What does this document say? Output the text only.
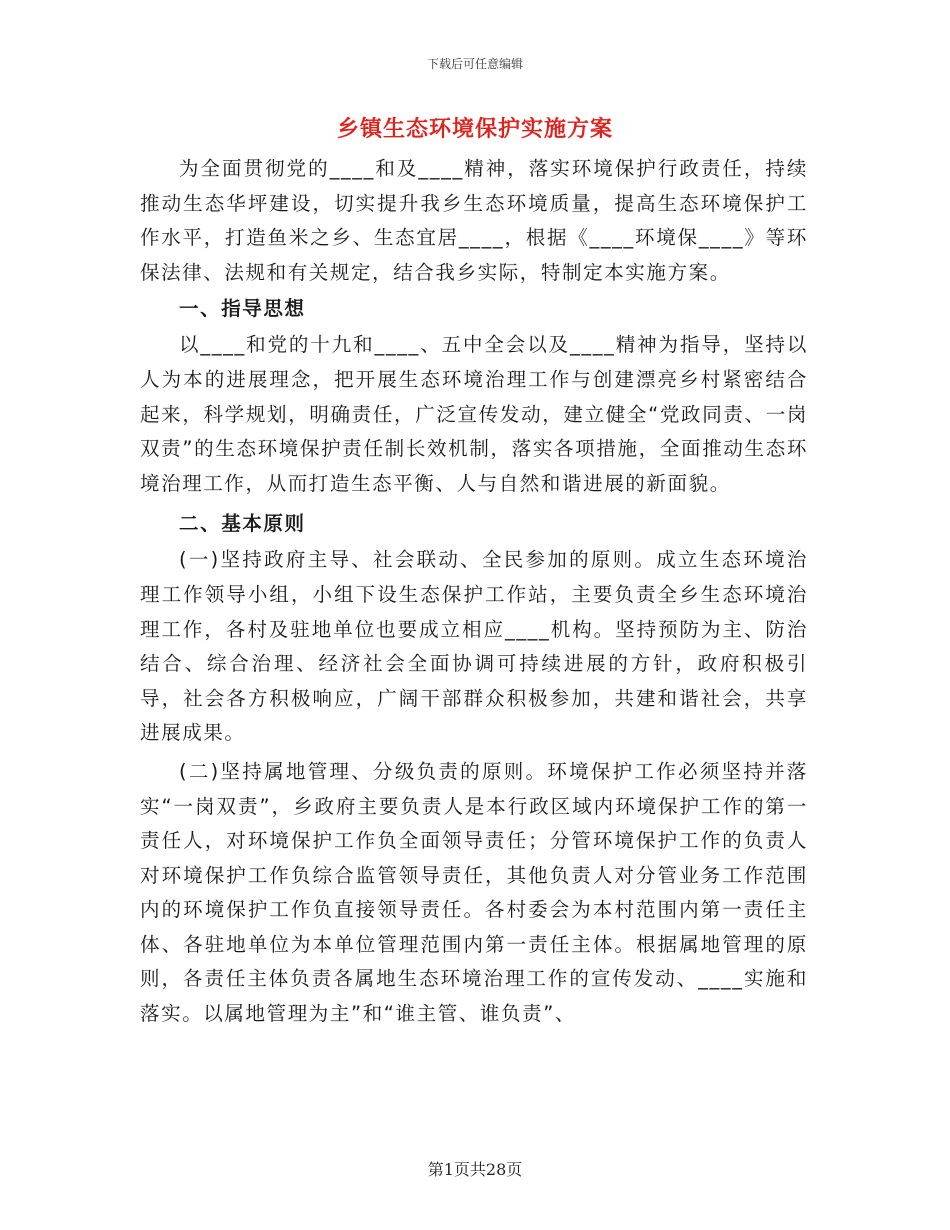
下载后可任意编辑
乡镇生态环境保护实施方案

为全面贯彻党的____和及____精神，落实环境保护行政责任，持续推动生态华坪建设，切实提升我乡生态环境质量，提高生态环境保护工作水平，打造鱼米之乡、生态宜居____，根据《____环境保____》等环保法律、法规和有关规定，结合我乡实际，特制定本实施方案。

一、指导思想

以____和党的十九和____、五中全会以及____精神为指导，坚持以人为本的进展理念，把开展生态环境治理工作与创建漂亮乡村紧密结合起来，科学规划，明确责任，广泛宣传发动，建立健全“党政同责、一岗双责”的生态环境保护责任制长效机制，落实各项措施，全面推动生态环境治理工作，从而打造生态平衡、人与自然和谐进展的新面貌。

二、基本原则

(一)坚持政府主导、社会联动、全民参加的原则。成立生态环境治理工作领导小组，小组下设生态保护工作站，主要负责全乡生态环境治理工作，各村及驻地单位也要成立相应____机构。坚持预防为主、防治结合、综合治理、经济社会全面协调可持续进展的方针，政府积极引导，社会各方积极响应，广阔干部群众积极参加，共建和谐社会，共享进展成果。

(二)坚持属地管理、分级负责的原则。环境保护工作必须坚持并落实“一岗双责”，乡政府主要负责人是本行政区域内环境保护工作的第一责任人，对环境保护工作负全面领导责任；分管环境保护工作的负责人对环境保护工作负综合监管领导责任，其他负责人对分管业务工作范围内的环境保护工作负直接领导责任。各村委会为本村范围内第一责任主体、各驻地单位为本单位管理范围内第一责任主体。根据属地管理的原则，各责任主体负责各属地生态环境治理工作的宣传发动、____实施和落实。以属地管理为主”和“谁主管、谁负责”、

第1页共28页
